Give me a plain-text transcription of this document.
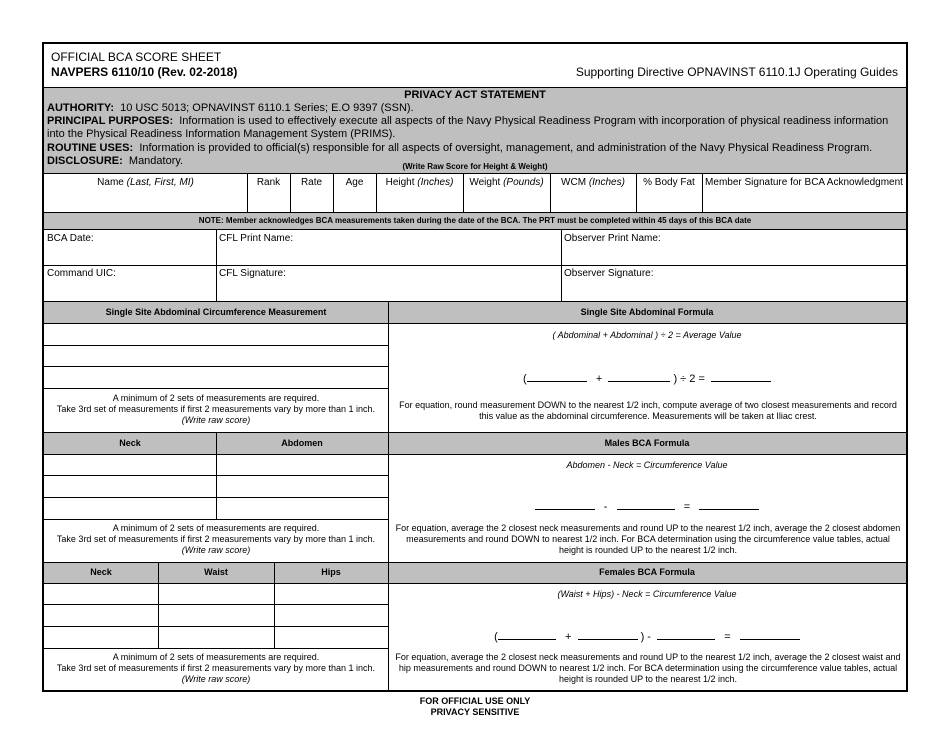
OFFICIAL BCA SCORE SHEET
NAVPERS 6110/10 (Rev. 02-2018)	Supporting Directive OPNAVINST 6110.1J Operating Guides
PRIVACY ACT STATEMENT
AUTHORITY: 10 USC 5013; OPNAVINST 6110.1 Series; E.O 9397 (SSN).
PRINCIPAL PURPOSES: Information is used to effectively execute all aspects of the Navy Physical Readiness Program with incorporation of physical readiness information into the Physical Readiness Information Management System (PRIMS).
ROUTINE USES: Information is provided to official(s) responsible for all aspects of oversight, management, and administration of the Navy Physical Readiness Program.
DISCLOSURE: Mandatory.	(Write Raw Score for Height & Weight)
Name (Last, First, MI)	Rank	Rate	Age	Height (Inches)	Weight (Pounds)	WCM (Inches)	% Body Fat	Member Signature for BCA Acknowledgment
NOTE: Member acknowledges BCA measurements taken during the date of the BCA. The PRT must be completed within 45 days of this BCA date
BCA Date:	CFL Print Name:	Observer Print Name:
Command UIC:	CFL Signature:	Observer Signature:
Single Site Abdominal Circumference Measurement	Single Site Abdominal Formula
A minimum of 2 sets of measurements are required.
Take 3rd set of measurements if first 2 measurements vary by more than 1 inch.
(Write raw score)
( Abdominal + Abdominal ) ÷ 2 = Average Value
(	+	) ÷ 2 =
For equation, round measurement DOWN to the nearest 1/2 inch, compute average of two closest measurements and record this value as the abdominal circumference. Measurements will be taken at Iliac crest.
Neck	Abdomen	Males BCA Formula
A minimum of 2 sets of measurements are required.
Take 3rd set of measurements if first 2 measurements vary by more than 1 inch.
(Write raw score)
Abdomen - Neck = Circumference Value
-	=
For equation, average the 2 closest neck measurements and round UP to the nearest 1/2 inch, average the 2 closest abdomen measurements and round DOWN to nearest 1/2 inch. For BCA determination using the circumference value tables, actual height is rounded UP to the nearest 1/2 inch.
Neck	Waist	Hips	Females BCA Formula
A minimum of 2 sets of measurements are required.
Take 3rd set of measurements if first 2 measurements vary by more than 1 inch.
(Write raw score)
(Waist + Hips) - Neck = Circumference Value
(	+	) -	=
For equation, average the 2 closest neck measurements and round UP to the nearest 1/2 inch, average the 2 closest waist and hip measurements and round DOWN to nearest 1/2 inch. For BCA determination using the circumference value tables, actual height is rounded UP to the nearest 1/2 inch.
FOR OFFICIAL USE ONLY
PRIVACY SENSITIVE
